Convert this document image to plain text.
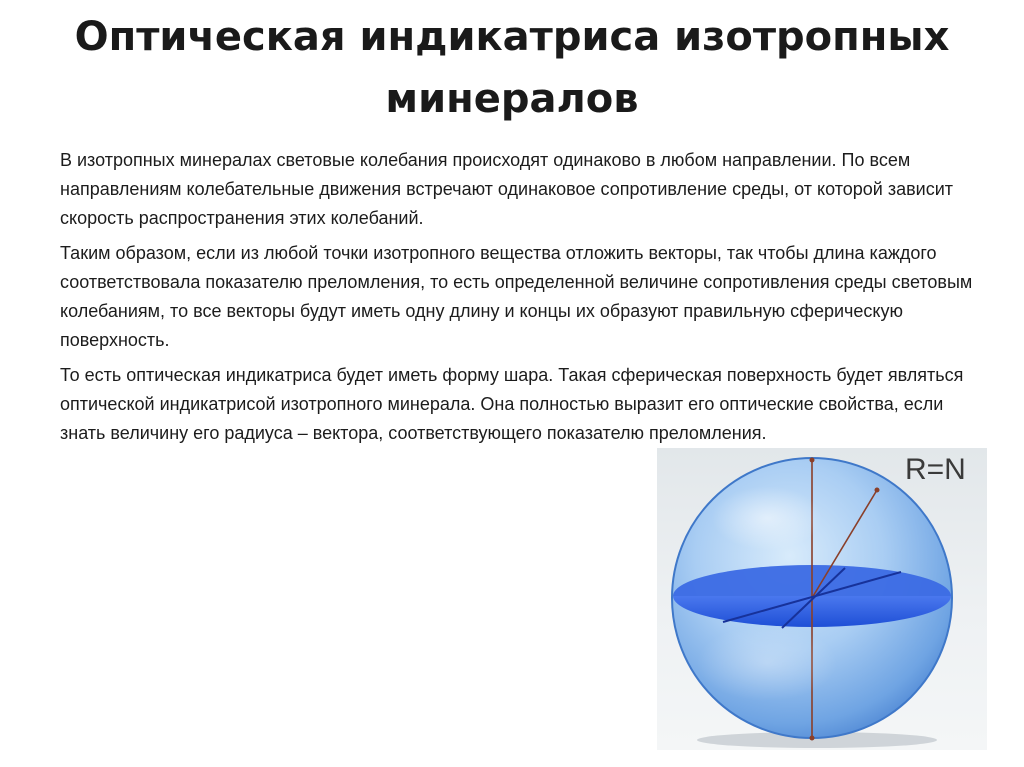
Оптическая индикатриса изотропных минералов

В изотропных минералах световые колебания происходят одинаково в любом направлении. По всем направлениям колебательные движения встречают одинаковое сопротивление среды, от которой зависит скорость распространения этих колебаний.

Таким образом, если из любой точки изотропного вещества отложить векторы, так чтобы длина каждого соответствовала показателю преломления, то есть определенной величине сопротивления среды световым колебаниям, то все векторы будут иметь одну длину и концы их образуют правильную сферическую поверхность.

То есть оптическая индикатриса будет иметь форму шара. Такая сферическая поверхность будет являться оптической индикатрисой изотропного минерала. Она полностью выразит его оптические свойства, если знать величину его радиуса – вектора, соответствующего показателю преломления.

R=N
